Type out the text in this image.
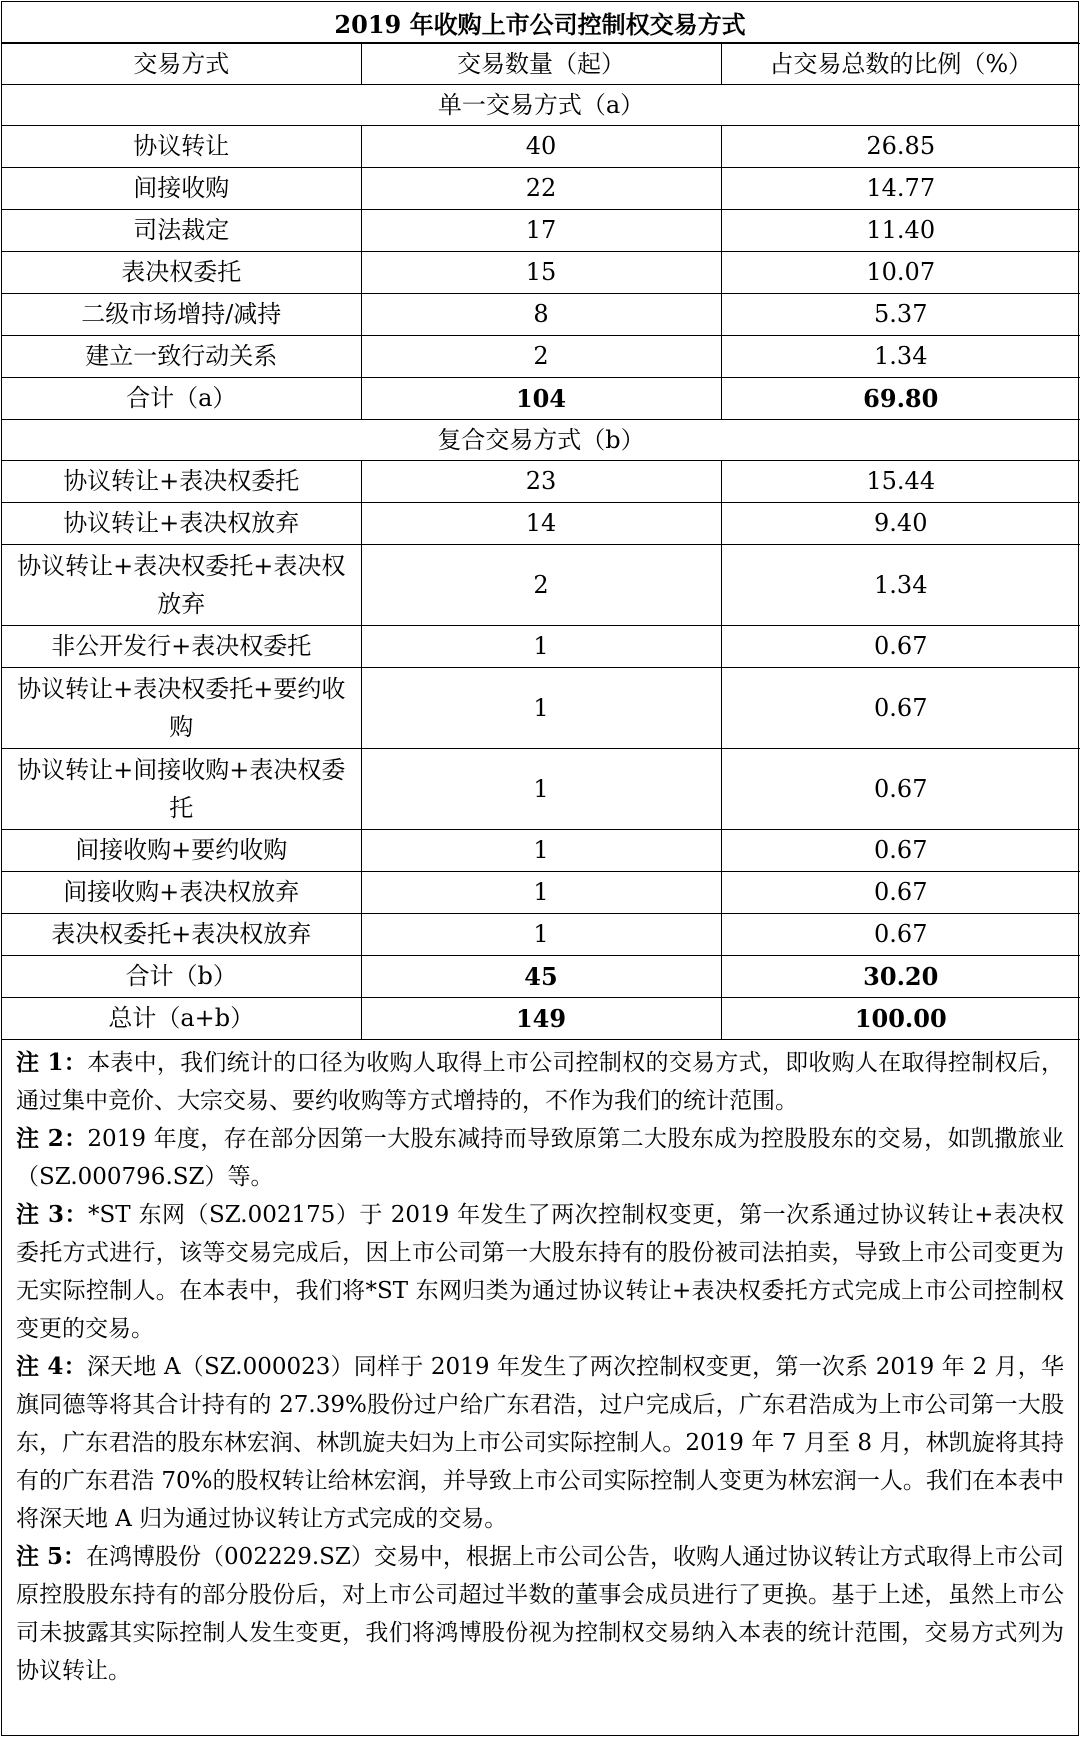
2019 年收购上市公司控制权交易方式
交易方式	交易数量（起）	占交易总数的比例（%）
单一交易方式（a）		
协议转让	40	26.85
间接收购	22	14.77
司法裁定	17	11.40
表决权委托	15	10.07
二级市场增持/减持	8	5.37
建立一致行动关系	2	1.34
合计（a）	104	69.80
复合交易方式（b）		
协议转让+表决权委托	23	15.44
协议转让+表决权放弃	14	9.40
协议转让+表决权委托+表决权放弃	2	1.34
非公开发行+表决权委托	1	0.67
协议转让+表决权委托+要约收购	1	0.67
协议转让+间接收购+表决权委托	1	0.67
间接收购+要约收购	1	0.67
间接收购+表决权放弃	1	0.67
表决权委托+表决权放弃	1	0.67
合计（b）	45	30.20
总计（a+b）	149	100.00

注 1：本表中，我们统计的口径为收购人取得上市公司控制权的交易方式，即收购人在取得控制权后，通过集中竞价、大宗交易、要约收购等方式增持的，不作为我们的统计范围。

注 2：2019 年度，存在部分因第一大股东减持而导致原第二大股东成为控股股东的交易，如凯撒旅业（SZ.000796.SZ）等。

注 3：*ST 东网（SZ.002175）于 2019 年发生了两次控制权变更，第一次系通过协议转让+表决权委托方式进行，该等交易完成后，因上市公司第一大股东持有的股份被司法拍卖，导致上市公司变更为无实际控制人。在本表中，我们将*ST 东网归类为通过协议转让+表决权委托方式完成上市公司控制权变更的交易。

注 4：深天地 A（SZ.000023）同样于 2019 年发生了两次控制权变更，第一次系 2019 年 2 月，华旗同德等将其合计持有的 27.39%股份过户给广东君浩，过户完成后，广东君浩成为上市公司第一大股东，广东君浩的股东林宏润、林凯旋夫妇为上市公司实际控制人。2019 年 7 月至 8 月，林凯旋将其持有的广东君浩 70%的股权转让给林宏润，并导致上市公司实际控制人变更为林宏润一人。我们在本表中将深天地 A 归为通过协议转让方式完成的交易。

注 5：在鸿博股份（002229.SZ）交易中，根据上市公司公告，收购人通过协议转让方式取得上市公司原控股股东持有的部分股份后，对上市公司超过半数的董事会成员进行了更换。基于上述，虽然上市公司未披露其实际控制人发生变更，我们将鸿博股份视为控制权交易纳入本表的统计范围，交易方式列为协议转让。
